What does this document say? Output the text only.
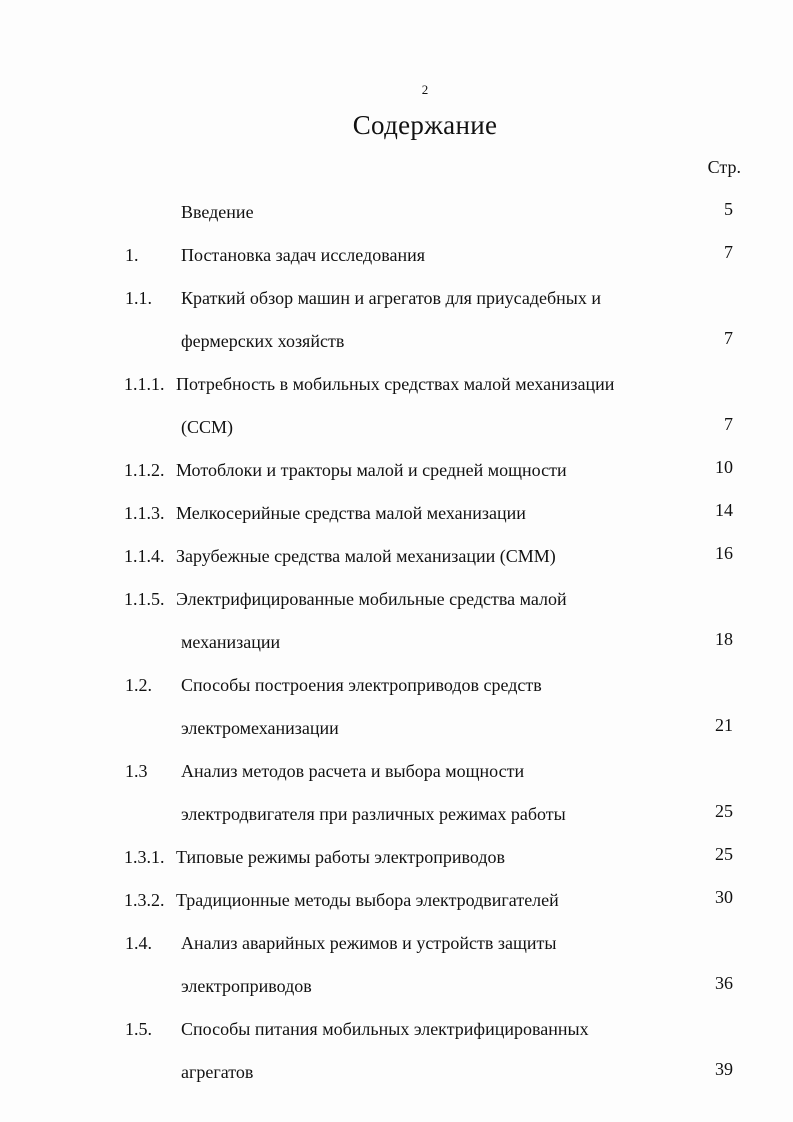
2
Содержание
Стр.
Введение	5
1. Постановка задач исследования	7
1.1. Краткий обзор машин и агрегатов для приусадебных и
фермерских хозяйств	7
1.1.1. Потребность в мобильных средствах малой механизации
(ССМ)	7
1.1.2. Мотоблоки и тракторы малой и средней мощности	10
1.1.3. Мелкосерийные средства малой механизации	14
1.1.4. Зарубежные средства малой механизации (СММ)	16
1.1.5. Электрифицированные мобильные средства малой
механизации	18
1.2. Способы построения электроприводов средств
электромеханизации	21
1.3 Анализ методов расчета и выбора мощности
электродвигателя при различных режимах работы	25
1.3.1. Типовые режимы работы электроприводов	25
1.3.2. Традиционные методы выбора электродвигателей	30
1.4. Анализ аварийных режимов и устройств защиты
электроприводов	36
1.5. Способы питания мобильных электрифицированных
агрегатов	39
